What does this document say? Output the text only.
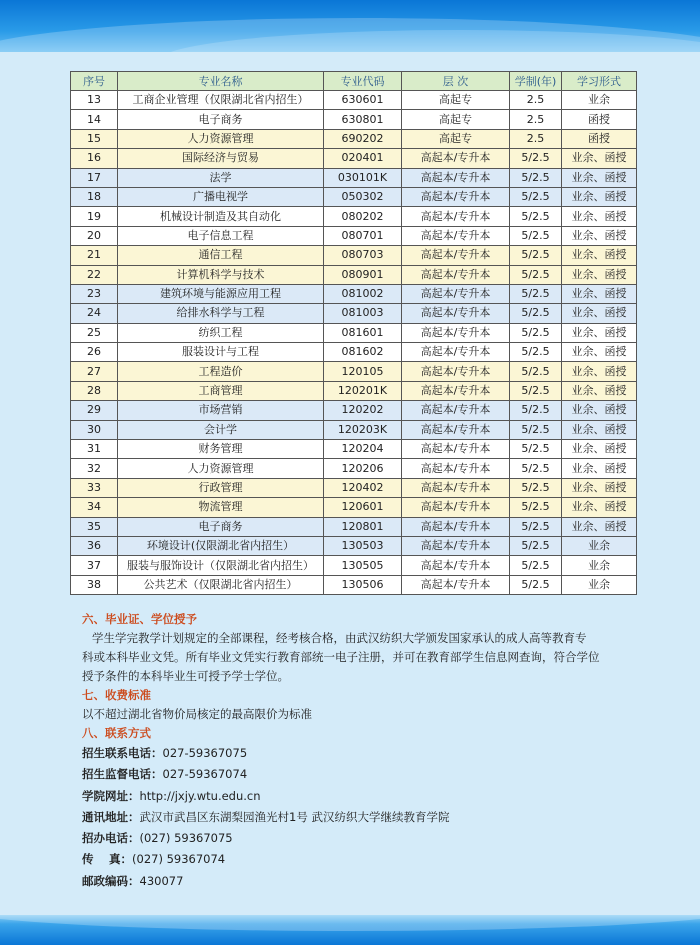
序号	专业名称	专业代码	层 次	学制(年)	学习形式
13	工商企业管理（仅限湖北省内招生）	630601	高起专	2.5	业余
14	电子商务	630801	高起专	2.5	函授
15	人力资源管理	690202	高起专	2.5	函授
16	国际经济与贸易	020401	高起本/专升本	5/2.5	业余、函授
17	法学	030101K	高起本/专升本	5/2.5	业余、函授
18	广播电视学	050302	高起本/专升本	5/2.5	业余、函授
19	机械设计制造及其自动化	080202	高起本/专升本	5/2.5	业余、函授
20	电子信息工程	080701	高起本/专升本	5/2.5	业余、函授
21	通信工程	080703	高起本/专升本	5/2.5	业余、函授
22	计算机科学与技术	080901	高起本/专升本	5/2.5	业余、函授
23	建筑环境与能源应用工程	081002	高起本/专升本	5/2.5	业余、函授
24	给排水科学与工程	081003	高起本/专升本	5/2.5	业余、函授
25	纺织工程	081601	高起本/专升本	5/2.5	业余、函授
26	服装设计与工程	081602	高起本/专升本	5/2.5	业余、函授
27	工程造价	120105	高起本/专升本	5/2.5	业余、函授
28	工商管理	120201K	高起本/专升本	5/2.5	业余、函授
29	市场营销	120202	高起本/专升本	5/2.5	业余、函授
30	会计学	120203K	高起本/专升本	5/2.5	业余、函授
31	财务管理	120204	高起本/专升本	5/2.5	业余、函授
32	人力资源管理	120206	高起本/专升本	5/2.5	业余、函授
33	行政管理	120402	高起本/专升本	5/2.5	业余、函授
34	物流管理	120601	高起本/专升本	5/2.5	业余、函授
35	电子商务	120801	高起本/专升本	5/2.5	业余、函授
36	环境设计(仅限湖北省内招生）	130503	高起本/专升本	5/2.5	业余
37	服装与服饰设计（仅限湖北省内招生）	130505	高起本/专升本	5/2.5	业余
38	公共艺术（仅限湖北省内招生）	130506	高起本/专升本	5/2.5	业余
六、毕业证、学位授予

学生学完教学计划规定的全部课程，经考核合格，由武汉纺织大学颁发国家承认的成人高等教育专

科或本科毕业文凭。所有毕业文凭实行教育部统一电子注册，并可在教育部学生信息网查询，符合学位

授予条件的本科毕业生可授予学士学位。

七、收费标准
以不超过湖北省物价局核定的最高限价为标准
八、联系方式
招生联系电话：027-59367075
招生监督电话：027-59367074
学院网址：http://jxjy.wtu.edu.cn
通讯地址：武汉市武昌区东湖梨园渔光村1号 武汉纺织大学继续教育学院
招办电话：(027) 59367075
传　 真：(027) 59367074
邮政编码：430077
